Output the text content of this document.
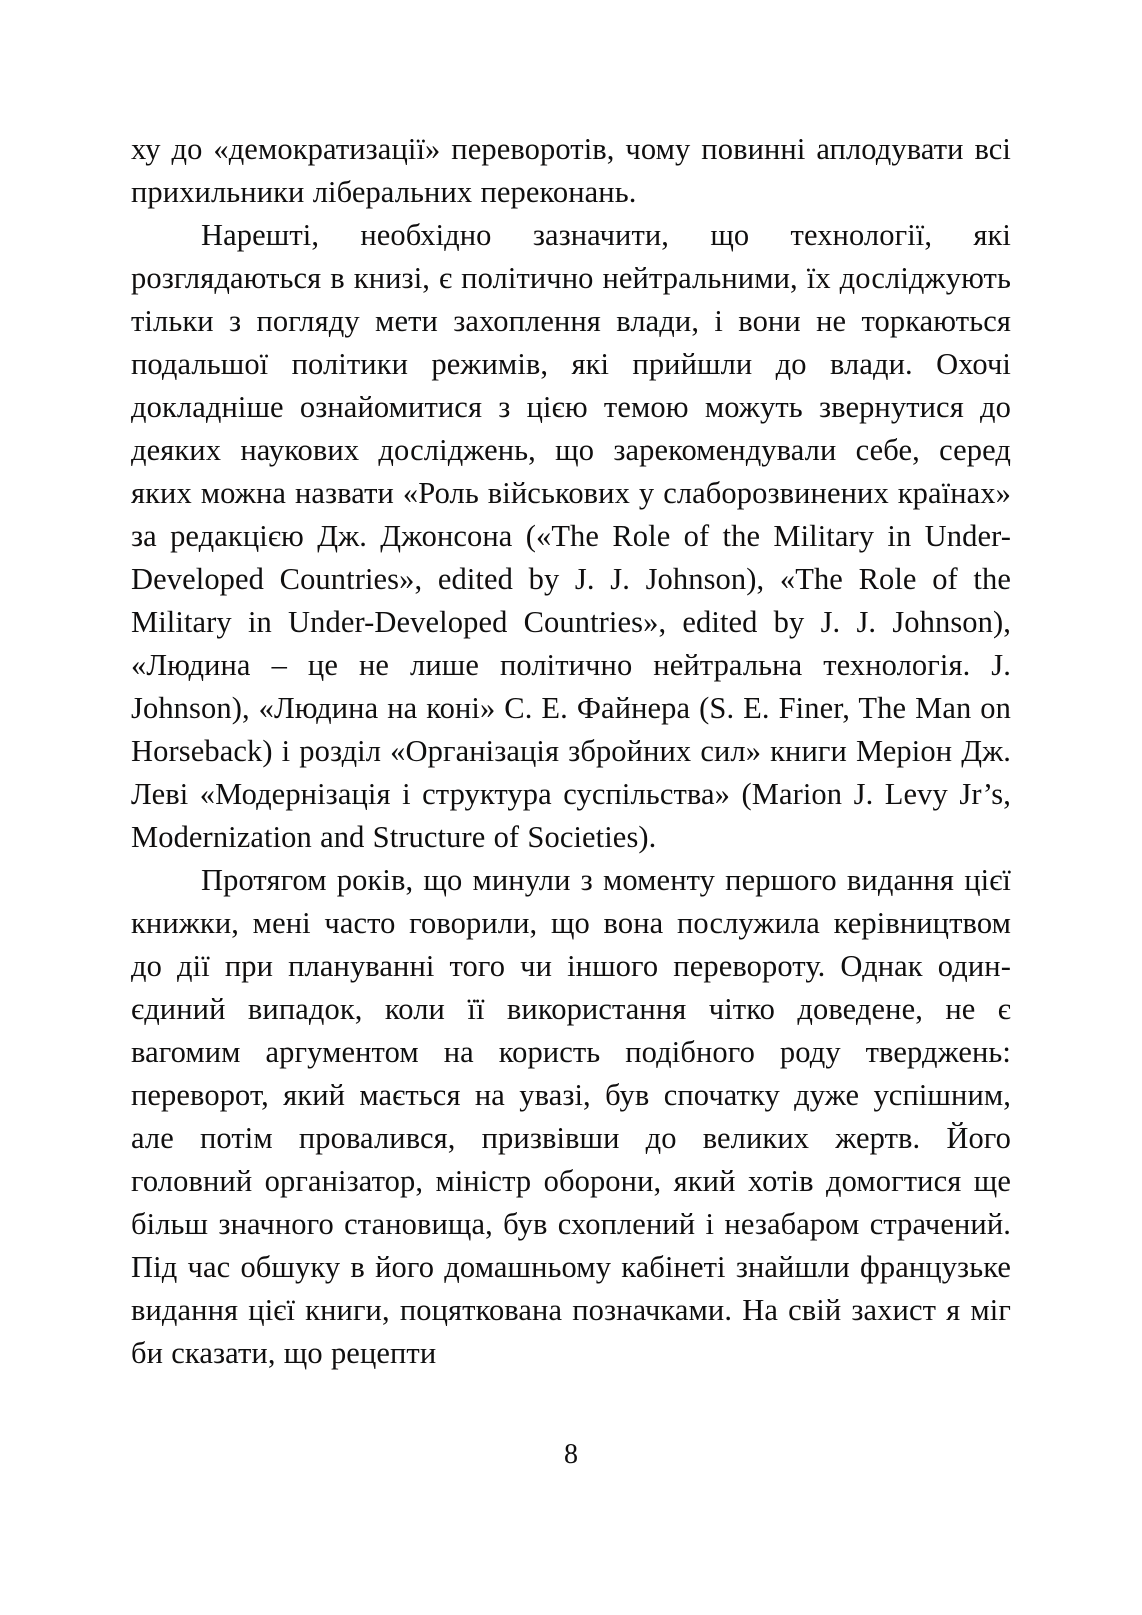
ху до «демократизації» переворотів, чому повинні аплодувати всі прихильники ліберальних переконань.

Нарешті, необхідно зазначити, що технології, які розглядаються в книзі, є політично нейтральними, їх досліджують тільки з погляду мети захоплення влади, і вони не торкаються подальшої політики режимів, які прийшли до влади. Охочі докладніше ознайомитися з цією темою можуть звернутися до деяких наукових досліджень, що зарекомендували себе, серед яких можна назвати «Роль військових у слаборозвинених країнах» за редакцією Дж. Джонсона («The Role of the Military in Under-Developed Countries», edited by J. J. Johnson), «The Role of the Military in Under-Developed Countries», edited by J. J. Johnson), «Людина – це не лише політично нейтральна технологія. J. Johnson), «Людина на коні» С. Е. Файнера (S. E. Finer, The Man on Horseback) і розділ «Організація збройних сил» книги Меріон Дж. Леві «Модернізація і структура суспільства» (Marion J. Levy Jr’s, Modernization and Structure of Societies).

Протягом років, що минули з моменту першого видання цієї книжки, мені часто говорили, що вона послужила керівництвом до дії при плануванні того чи іншого перевороту. Однак один-єдиний випадок, коли її використання чітко доведене, не є вагомим аргументом на користь подібного роду тверджень: переворот, який мається на увазі, був спочатку дуже успішним, але потім провалився, призвівши до великих жертв. Його головний організатор, міністр оборони, який хотів домогтися ще більш значного становища, був схоплений і незабаром страчений. Під час обшуку в його домашньому кабінеті знайшли французьке видання цієї книги, поцяткована позначками. На свій захист я міг би сказати, що рецепти

8
